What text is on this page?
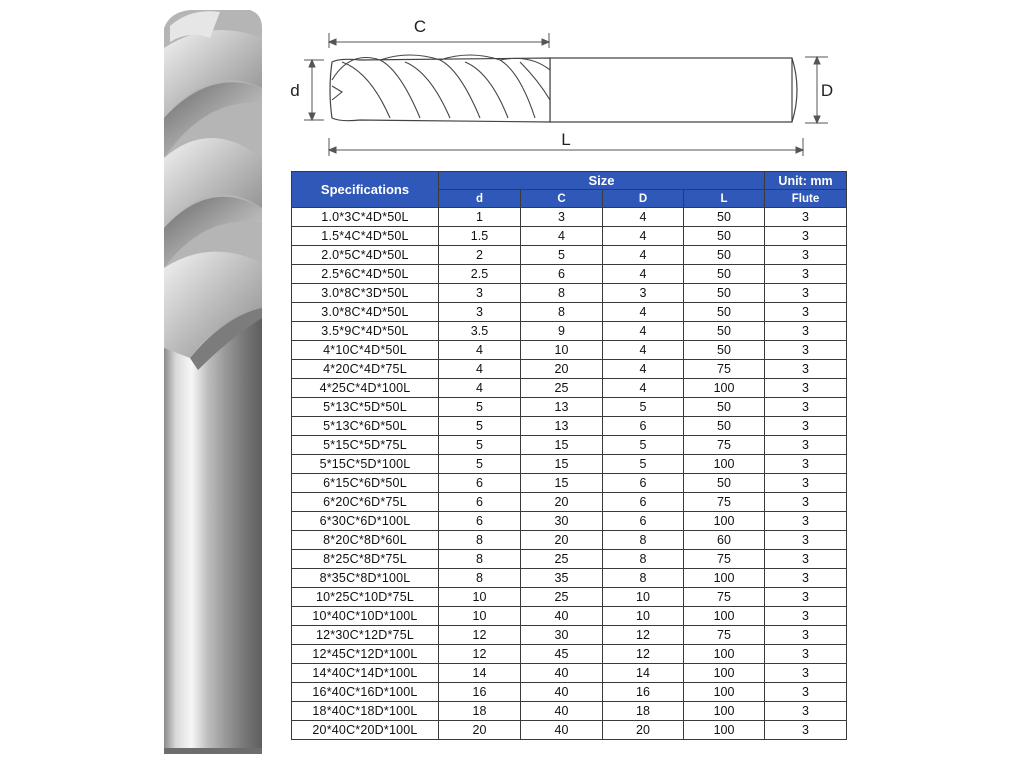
C
d	D
L
Specifications	Size				Unit: mm
	d	C	D	L	Flute
1.0*3C*4D*50L	1	3	4	50	3
1.5*4C*4D*50L	1.5	4	4	50	3
2.0*5C*4D*50L	2	5	4	50	3
2.5*6C*4D*50L	2.5	6	4	50	3
3.0*8C*3D*50L	3	8	3	50	3
3.0*8C*4D*50L	3	8	4	50	3
3.5*9C*4D*50L	3.5	9	4	50	3
4*10C*4D*50L	4	10	4	50	3
4*20C*4D*75L	4	20	4	75	3
4*25C*4D*100L	4	25	4	100	3
5*13C*5D*50L	5	13	5	50	3
5*13C*6D*50L	5	13	6	50	3
5*15C*5D*75L	5	15	5	75	3
5*15C*5D*100L	5	15	5	100	3
6*15C*6D*50L	6	15	6	50	3
6*20C*6D*75L	6	20	6	75	3
6*30C*6D*100L	6	30	6	100	3
8*20C*8D*60L	8	20	8	60	3
8*25C*8D*75L	8	25	8	75	3
8*35C*8D*100L	8	35	8	100	3
10*25C*10D*75L	10	25	10	75	3
10*40C*10D*100L	10	40	10	100	3
12*30C*12D*75L	12	30	12	75	3
12*45C*12D*100L	12	45	12	100	3
14*40C*14D*100L	14	40	14	100	3
16*40C*16D*100L	16	40	16	100	3
18*40C*18D*100L	18	40	18	100	3
20*40C*20D*100L	20	40	20	100	3
